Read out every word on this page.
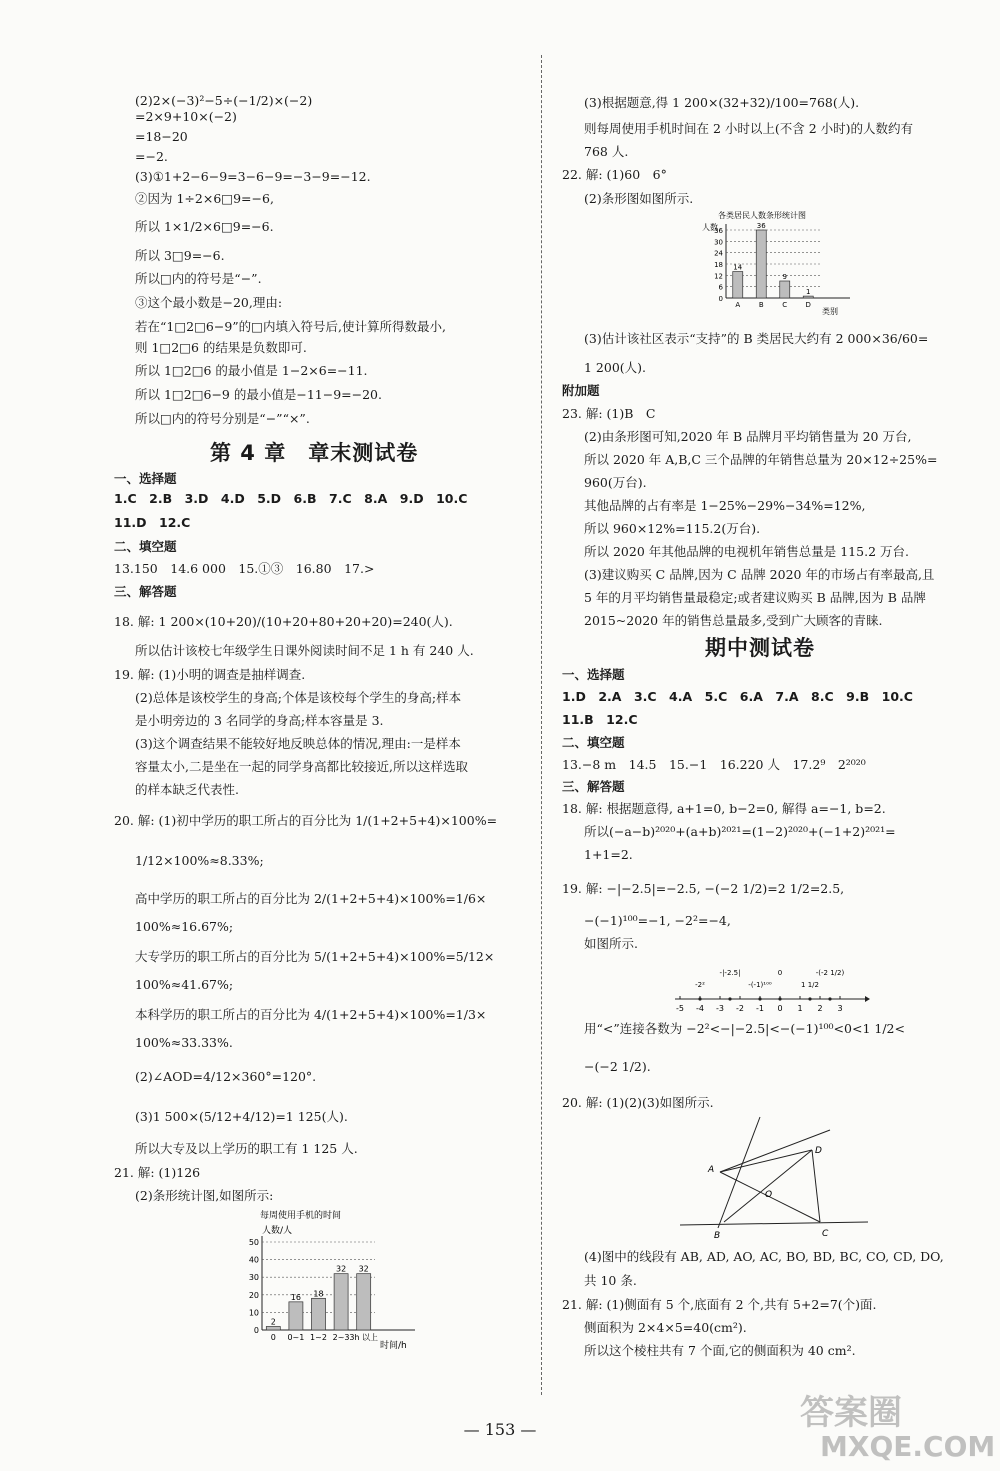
(2)2×(−3)²−5÷(−1/2)×(−2)
=2×9+10×(−2)
=18−20
=−2.
(3)①1+2−6−9=3−6−9=−3−9=−12.
②因为 1÷2×6□9=−6,
所以 1×1/2×6□9=−6.
所以 3□9=−6.
所以□内的符号是“−”.
③这个最小数是−20,理由:
若在“1□2□6−9”的□内填入符号后,使计算所得数最小,
则 1□2□6 的结果是负数即可.
所以 1□2□6 的最小值是 1−2×6=−11.
所以 1□2□6−9 的最小值是−11−9=−20.
所以□内的符号分别是“−”“×”.
第 4 章　章末测试卷
一、选择题
1.C　2.B　3.D　4.D　5.D　6.B　7.C　8.A　9.D　10.C
11.D　12.C
二、填空题
13.150　14.6 000　15.①③　16.80　17.>
三、解答题
18. 解: 1 200×(10+20)/(10+20+80+20+20)=240(人).
所以估计该校七年级学生日课外阅读时间不足 1 h 有 240 人.
19. 解: (1)小明的调查是抽样调查.
(2)总体是该校学生的身高;个体是该校每个学生的身高;样本
是小明旁边的 3 名同学的身高;样本容量是 3.
(3)这个调查结果不能较好地反映总体的情况,理由:一是样本
容量太小,二是坐在一起的同学身高都比较接近,所以这样选取
的样本缺乏代表性.
20. 解: (1)初中学历的职工所占的百分比为 1/(1+2+5+4)×100%=
1/12×100%≈8.33%;
高中学历的职工所占的百分比为 2/(1+2+5+4)×100%=1/6×
100%≈16.67%;
大专学历的职工所占的百分比为 5/(1+2+5+4)×100%=5/12×
100%≈41.67%;
本科学历的职工所占的百分比为 4/(1+2+5+4)×100%=1/3×
100%≈33.33%.
(2)∠AOD=4/12×360°=120°.
(3)1 500×(5/12+4/12)=1 125(人).
所以大专及以上学历的职工有 1 125 人.
21. 解: (1)126
(2)条形统计图,如图所示:
每周使用手机的时间
人数/人
时间/h
0
10
20
30
40
50
2
0
16
0~1
18
1~2
32
2~3
32
3h 以上
(3)根据题意,得 1 200×(32+32)/100=768(人).
则每周使用手机时间在 2 小时以上(不含 2 小时)的人数约有
768 人.
22. 解: (1)60　6°
(2)条形图如图所示.
各类居民人数条形统计图
人数
类别
0
6
12
18
24
30
36
14
A
36
B
9
C
1
D
(3)估计该社区表示“支持”的 B 类居民大约有 2 000×36/60=
1 200(人).
附加题
23. 解: (1)B　C
(2)由条形图可知,2020 年 B 品牌月平均销售量为 20 万台,
所以 2020 年 A,B,C 三个品牌的年销售总量为 20×12÷25%=
960(万台).
其他品牌的占有率是 1−25%−29%−34%=12%,
所以 960×12%=115.2(万台).
所以 2020 年其他品牌的电视机年销售总量是 115.2 万台.
(3)建议购买 C 品牌,因为 C 品牌 2020 年的市场占有率最高,且
5 年的月平均销售量最稳定;或者建议购买 B 品牌,因为 B 品牌
2015~2020 年的销售总量最多,受到广大顾客的青睐.
期中测试卷
一、选择题
1.D　2.A　3.C　4.A　5.C　6.A　7.A　8.C　9.B　10.C
11.B　12.C
二、填空题
13.−8 m　14.5　15.−1　16.220 人　17.2⁹　2²⁰²⁰
三、解答题
18. 解: 根据题意得, a+1=0, b−2=0, 解得 a=−1, b=2.
所以(−a−b)²⁰²⁰+(a+b)²⁰²¹=(1−2)²⁰²⁰+(−1+2)²⁰²¹=
1+1=2.
19. 解: −|−2.5|=−2.5, −(−2 1/2)=2 1/2=2.5,
−(−1)¹⁰⁰=−1, −2²=−4,
如图所示.
-5 -4 -3 -2 -1 0 1 2 3
-2²
-|-2.5|
-(-1)¹⁰⁰
0
1 1/2
-(-2 1/2)
用“<”连接各数为 −2²<−|−2.5|<−(−1)¹⁰⁰<0<1 1/2<
−(−2 1/2).
20. 解: (1)(2)(3)如图所示.
A
B	C
D
O
(4)图中的线段有 AB, AD, AO, AC, BO, BD, BC, CO, CD, DO,
共 10 条.
21. 解: (1)侧面有 5 个,底面有 2 个,共有 5+2=7(个)面.
侧面积为 2×4×5=40(cm²).
所以这个棱柱共有 7 个面,它的侧面积为 40 cm².
— 153 —	答案圈
MXQE.COM
